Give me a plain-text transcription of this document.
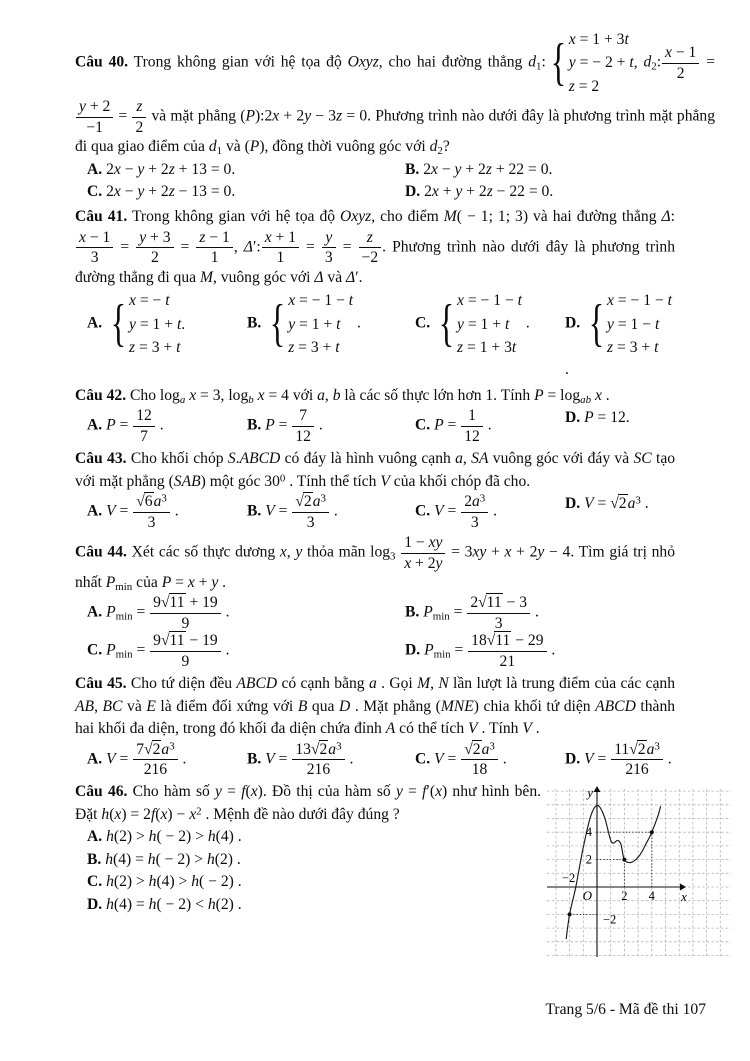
Câu 40. Trong không gian với hệ tọa độ Oxyz, cho hai đường thẳng d1: { x = 1 + 3t
y = − 2 + t,
z = 2
d2: $\frac{x - 1}{2}$ =
$\frac{y + 2}{-1} = \frac{z}{2}$ và mặt phẳng (P):2x + 2y − 3z = 0. Phương trình nào dưới đây là phương trình mặt phẳng đi qua giao điểm của d1 và (P), đồng thời vuông góc với d2?
A. 2x − y + 2z + 13 = 0.	B. 2x − y + 2z + 22 = 0.
C. 2x − y + 2z − 13 = 0.	D. 2x + y + 2z − 22 = 0.
Câu 41. Trong không gian với hệ tọa độ Oxyz, cho điểm M( − 1; 1; 3) và hai đường thẳng Δ:
$\frac{x - 1}{3} = \frac{y + 3}{2} = \frac{z - 1}{1}$ , Δ′: $\frac{x + 1}{1} = \frac{y}{3} = \frac{z}{-2}$ . Phương trình nào dưới đây là phương trình đường thẳng đi qua M, vuông góc với Δ và Δ′.
A. { x = − t
y = 1 + t.
z = 3 + t
B. { x = − 1 − t
y = 1 + t
z = 3 + t
.	C. { x = − 1 − t
y = 1 + t
z = 1 + 3t
.	D. { x = − 1 − t
y = 1 − t
z = 3 + t
.
Câu 42. Cho loga x = 3, logb x = 4 với a, b là các số thực lớn hơn 1. Tính P = logab x .
A. $P = \frac{12}{7}$ .	B. $P = \frac{7}{12}$ .	C. $P = \frac{1}{12}$ .	D. P = 12.
Câu 43. Cho khối chóp S.ABCD có đáy là hình vuông cạnh a, SA vuông góc với đáy và SC tạo với mặt phẳng (SAB) một góc $30^0$ . Tính thể tích V của khối chóp đã cho.
A. $V = \frac{√6a^3}{3}$ .	B. $V = \frac{√2a^3}{3}$ .	C. $V = \frac{2a^3}{3}$ .	D. $V = √2a^3$ .
Câu 44. Xét các số thực dương x, y thỏa mãn $\log 3 \frac{1 - xy}{x + 2y} = 3xy + x + 2y - 4$. Tìm giá trị nhỏ nhất Pmin của P = x + y .
A. $Pmin = \frac{9√11 + 19}{9}$ .	B. $Pmin = \frac{2√11 - 3}{3}$ .
C. $Pmin = \frac{9√11 - 19}{9}$ .	D. $Pmin = \frac{18√11 - 29}{21}$ .
Câu 45. Cho tứ diện đều ABCD có cạnh bằng a . Gọi M, N lần lượt là trung điểm của các cạnh AB, BC và E là điểm đối xứng với B qua D . Mặt phẳng (MNE) chia khối tứ diện ABCD thành hai khối đa diện, trong đó khối đa diện chứa đỉnh A có thể tích V . Tính V .
A. $V = \frac{7√2a^3}{216}$ .	B. $V = \frac{13√2a^3}{216}$ .	C. $V = \frac{√2a^3}{18}$ .	D. $V = \frac{11√2a^3}{216}$ .
y
x
O
−2
2 4
4
2
−2
Câu 46. Cho hàm số y = f(x). Đồ thị của hàm số y = f′(x) như hình bên. Đặt $h(x) = 2f(x) - x^2$ . Mệnh đề nào dưới đây đúng ?
A. h(2) > h( − 2) > h(4) .
B. h(4) = h( − 2) > h(2) .
C. h(2) > h(4) > h( − 2) .
D. h(4) = h( − 2) < h(2) .
Trang 5/6 - Mã đề thi 107
